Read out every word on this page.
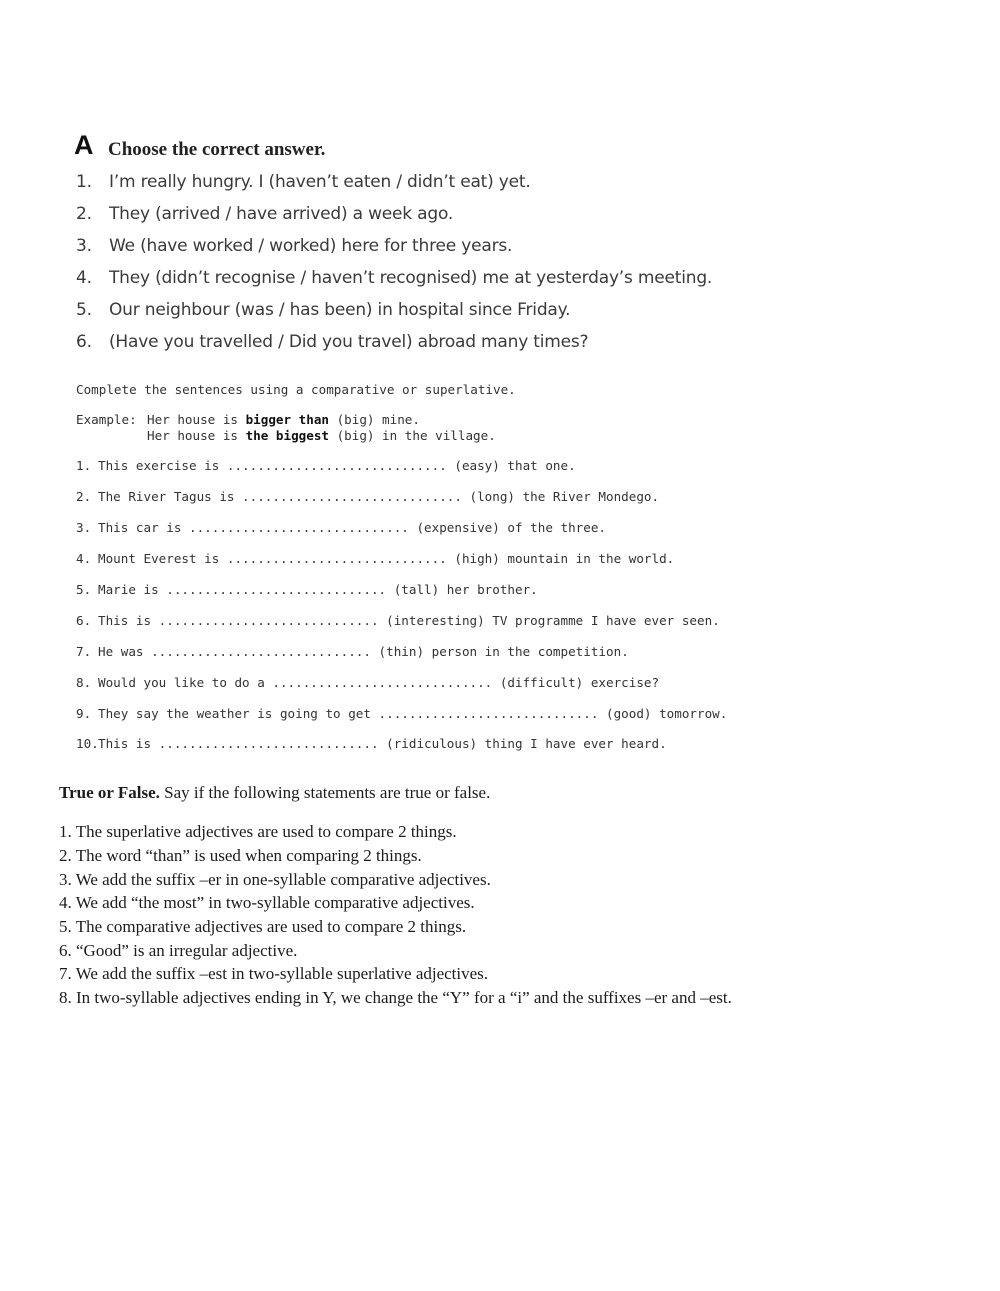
A Choose the correct answer.
1. I’m really hungry. I (haven’t eaten / didn’t eat) yet.
2. They (arrived / have arrived) a week ago.
3. We (have worked / worked) here for three years.
4. They (didn’t recognise / haven’t recognised) me at yesterday’s meeting.
5. Our neighbour (was / has been) in hospital since Friday.
6. (Have you travelled / Did you travel) abroad many times?
Complete the sentences using a comparative or superlative.
Example: Her house is bigger than (big) mine.
Her house is the biggest (big) in the village.
1. This exercise is ............................. (easy) that one.
2. The River Tagus is ............................. (long) the River Mondego.
3. This car is ............................. (expensive) of the three.
4. Mount Everest is ............................. (high) mountain in the world.
5. Marie is ............................. (tall) her brother.
6. This is ............................. (interesting) TV programme I have ever seen.
7. He was ............................. (thin) person in the competition.
8. Would you like to do a ............................. (difficult) exercise?
9. They say the weather is going to get ............................. (good) tomorrow.
10.This is ............................. (ridiculous) thing I have ever heard.
True or False. Say if the following statements are true or false.
1. The superlative adjectives are used to compare 2 things.
2. The word “than” is used when comparing 2 things.
3. We add the suffix –er in one-syllable comparative adjectives.
4. We add “the most” in two-syllable comparative adjectives.
5. The comparative adjectives are used to compare 2 things.
6. “Good” is an irregular adjective.
7. We add the suffix –est in two-syllable superlative adjectives.
8. In two-syllable adjectives ending in Y, we change the “Y” for a “i” and the suffixes –er and –est.
